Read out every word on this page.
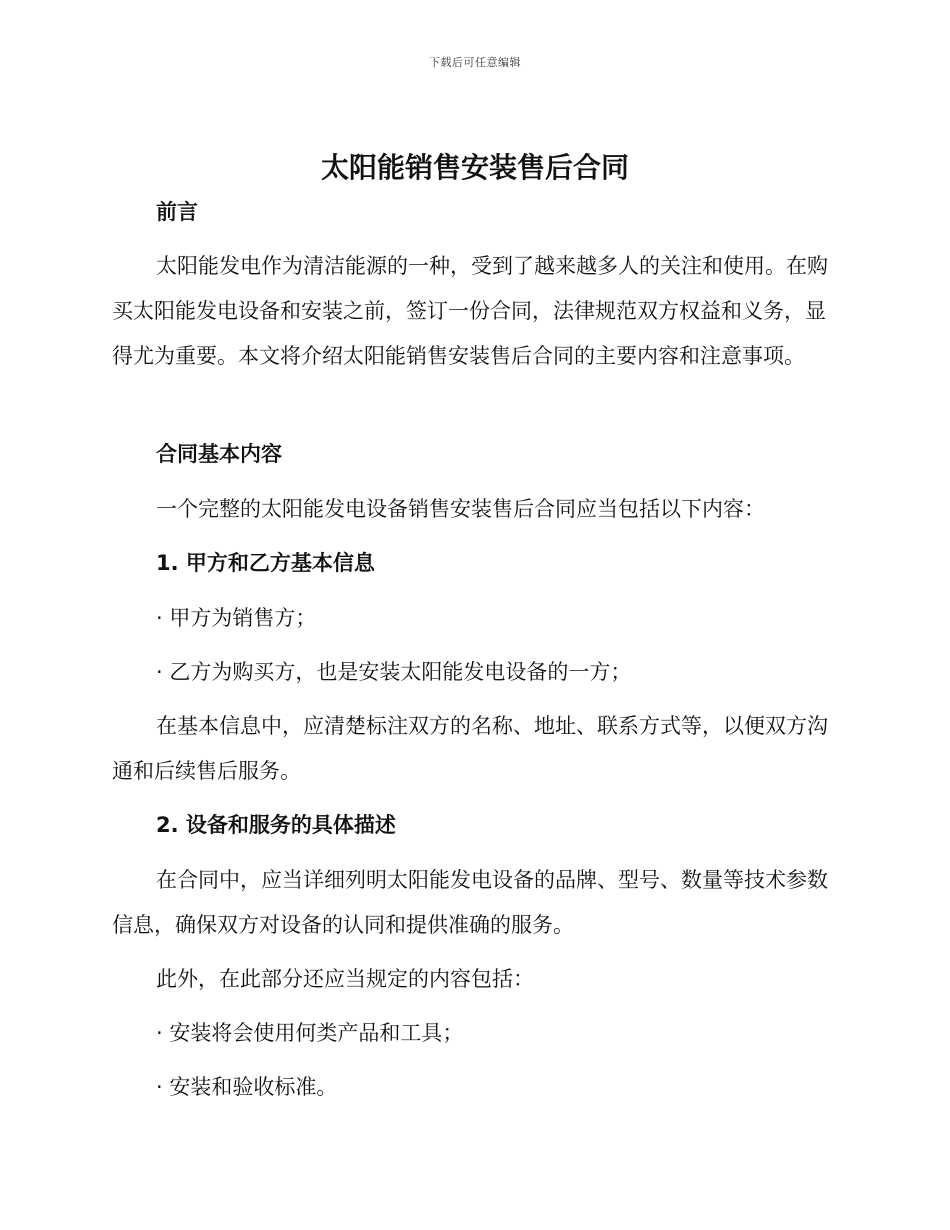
下载后可任意编辑
太阳能销售安装售后合同

前言

太阳能发电作为清洁能源的一种，受到了越来越多人的关注和使用。在购买太阳能发电设备和安装之前，签订一份合同，法律规范双方权益和义务，显得尤为重要。本文将介绍太阳能销售安装售后合同的主要内容和注意事项。

合同基本内容

一个完整的太阳能发电设备销售安装售后合同应当包括以下内容：

1. 甲方和乙方基本信息

· 甲方为销售方；

· 乙方为购买方，也是安装太阳能发电设备的一方；

在基本信息中，应清楚标注双方的名称、地址、联系方式等，以便双方沟通和后续售后服务。

2. 设备和服务的具体描述

在合同中，应当详细列明太阳能发电设备的品牌、型号、数量等技术参数信息，确保双方对设备的认同和提供准确的服务。

此外，在此部分还应当规定的内容包括：

· 安装将会使用何类产品和工具；

· 安装和验收标准。
